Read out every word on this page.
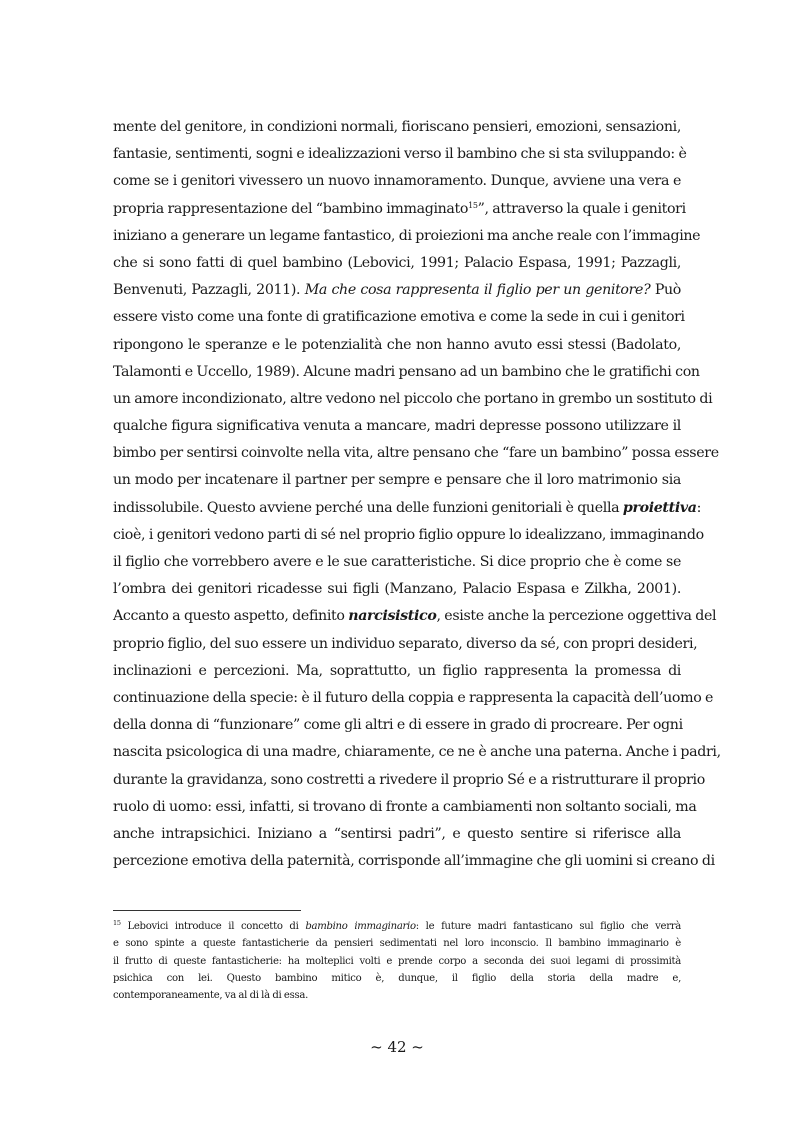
mente del genitore, in condizioni normali, fioriscano pensieri, emozioni, sensazioni,
fantasie, sentimenti, sogni e idealizzazioni verso il bambino che si sta sviluppando: è
come se i genitori vivessero un nuovo innamoramento. Dunque, avviene una vera e
propria rappresentazione del “bambino immaginato$^{15}$”, attraverso la quale i genitori
iniziano a generare un legame fantastico, di proiezioni ma anche reale con l’immagine
che si sono fatti di quel bambino (Lebovici, 1991; Palacio Espasa, 1991; Pazzagli,
Benvenuti, Pazzagli, 2011). Ma che cosa rappresenta il figlio per un genitore? Può
essere visto come una fonte di gratificazione emotiva e come la sede in cui i genitori
ripongono le speranze e le potenzialità che non hanno avuto essi stessi (Badolato,
Talamonti e Uccello, 1989). Alcune madri pensano ad un bambino che le gratifichi con
un amore incondizionato, altre vedono nel piccolo che portano in grembo un sostituto di
qualche figura significativa venuta a mancare, madri depresse possono utilizzare il
bimbo per sentirsi coinvolte nella vita, altre pensano che “fare un bambino” possa essere
un modo per incatenare il partner per sempre e pensare che il loro matrimonio sia
indissolubile. Questo avviene perché una delle funzioni genitoriali è quella proiettiva:
cioè, i genitori vedono parti di sé nel proprio figlio oppure lo idealizzano, immaginando
il figlio che vorrebbero avere e le sue caratteristiche. Si dice proprio che è come se
l’ombra dei genitori ricadesse sui figli (Manzano, Palacio Espasa e Zilkha, 2001).
Accanto a questo aspetto, definito narcisistico, esiste anche la percezione oggettiva del
proprio figlio, del suo essere un individuo separato, diverso da sé, con propri desideri,
inclinazioni e percezioni. Ma, soprattutto, un figlio rappresenta la promessa di
continuazione della specie: è il futuro della coppia e rappresenta la capacità dell’uomo e
della donna di “funzionare” come gli altri e di essere in grado di procreare. Per ogni
nascita psicologica di una madre, chiaramente, ce ne è anche una paterna. Anche i padri,
durante la gravidanza, sono costretti a rivedere il proprio Sé e a ristrutturare il proprio
ruolo di uomo: essi, infatti, si trovano di fronte a cambiamenti non soltanto sociali, ma
anche intrapsichici. Iniziano a “sentirsi padri”, e questo sentire si riferisce alla
percezione emotiva della paternità, corrisponde all’immagine che gli uomini si creano di
$^{15}$ Lebovici introduce il concetto di bambino immaginario: le future madri fantasticano sul figlio che verrà
e sono spinte a queste fantasticherie da pensieri sedimentati nel loro inconscio. Il bambino immaginario è
il frutto di queste fantasticherie: ha molteplici volti e prende corpo a seconda dei suoi legami di prossimità
psichica con lei. Questo bambino mitico è, dunque, il figlio della storia della madre e,
contemporaneamente, va al di là di essa.
~ 42 ~
